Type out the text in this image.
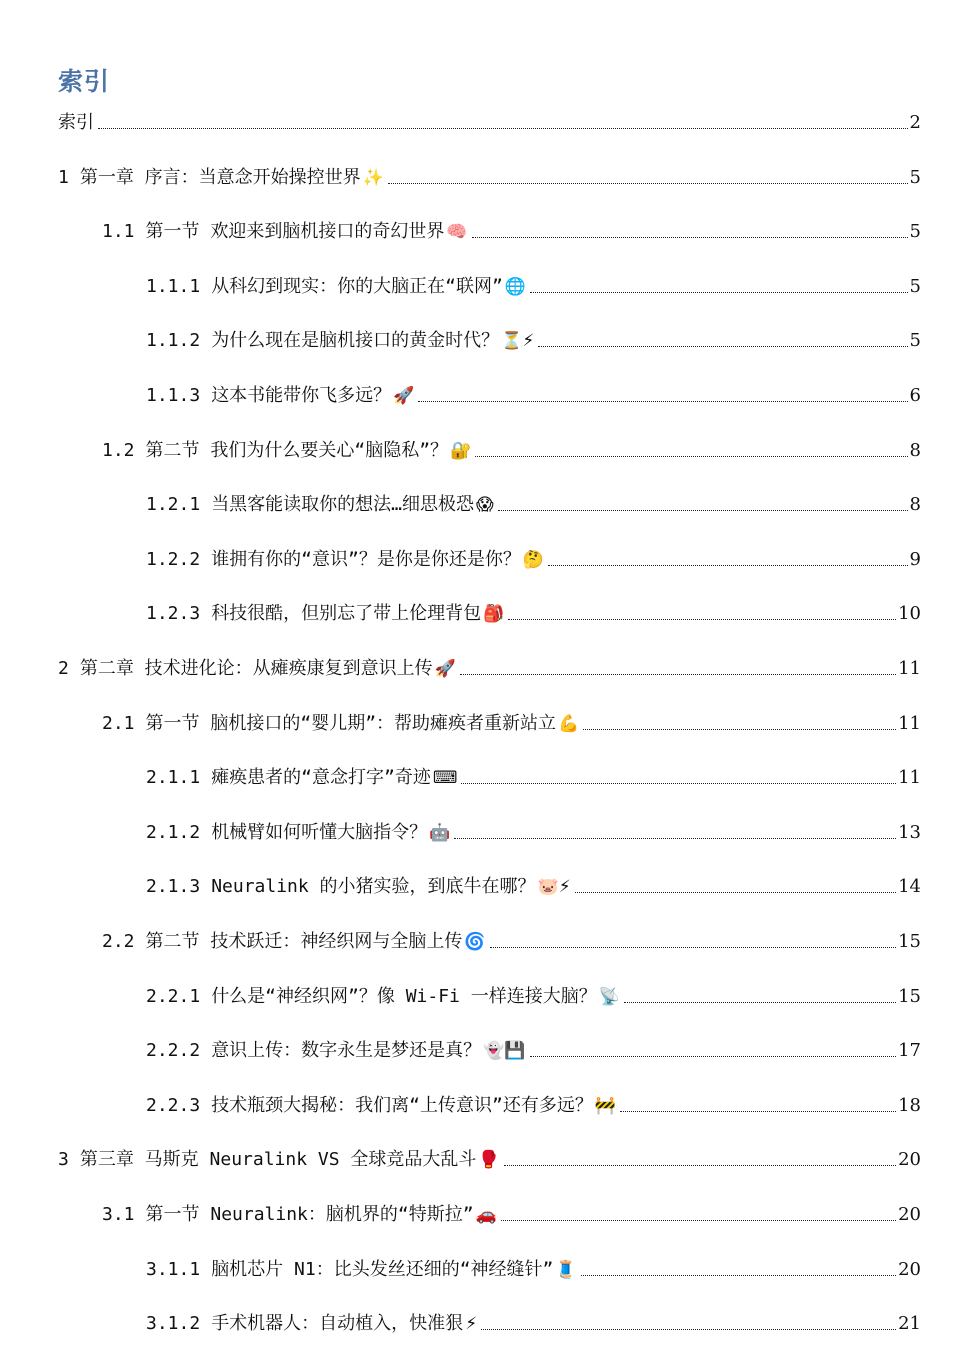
索引
索引	2
1 第一章 序言：当意念开始操控世界 ✨	5
1.1 第一节 欢迎来到脑机接口的奇幻世界 🧠	5
1.1.1 从科幻到现实：你的大脑正在“联网” 🌐	5
1.1.2 为什么现在是脑机接口的黄金时代？ ⏳⚡	5
1.1.3 这本书能带你飞多远？ 🚀	6
1.2 第二节 我们为什么要关心“脑隐私”？ 🔐	8
1.2.1 当黑客能读取你的想法…细思极恐 😱	8
1.2.2 谁拥有你的“意识”？是你是你还是你？ 🤔	9
1.2.3 科技很酷，但别忘了带上伦理背包 🎒	10
2 第二章 技术进化论：从瘫痪康复到意识上传 🚀	11
2.1 第一节 脑机接口的“婴儿期”：帮助瘫痪者重新站立 💪	11
2.1.1 瘫痪患者的“意念打字”奇迹 ⌨	11
2.1.2 机械臂如何听懂大脑指令？ 🤖	13
2.1.3 Neuralink 的小猪实验，到底牛在哪？ 🐷⚡	14
2.2 第二节 技术跃迁：神经织网与全脑上传 🌀	15
2.2.1 什么是“神经织网”？像 Wi-Fi 一样连接大脑？ 📡	15
2.2.2 意识上传：数字永生是梦还是真？ 👻💾	17
2.2.3 技术瓶颈大揭秘：我们离“上传意识”还有多远？ 🚧	18
3 第三章 马斯克 Neuralink VS 全球竞品大乱斗 🥊	20
3.1 第一节 Neuralink：脑机界的“特斯拉” 🚗	20
3.1.1 脑机芯片 N1：比头发丝还细的“神经缝针” 🧵	20
3.1.2 手术机器人：自动植入，快准狠 ⚡	21
